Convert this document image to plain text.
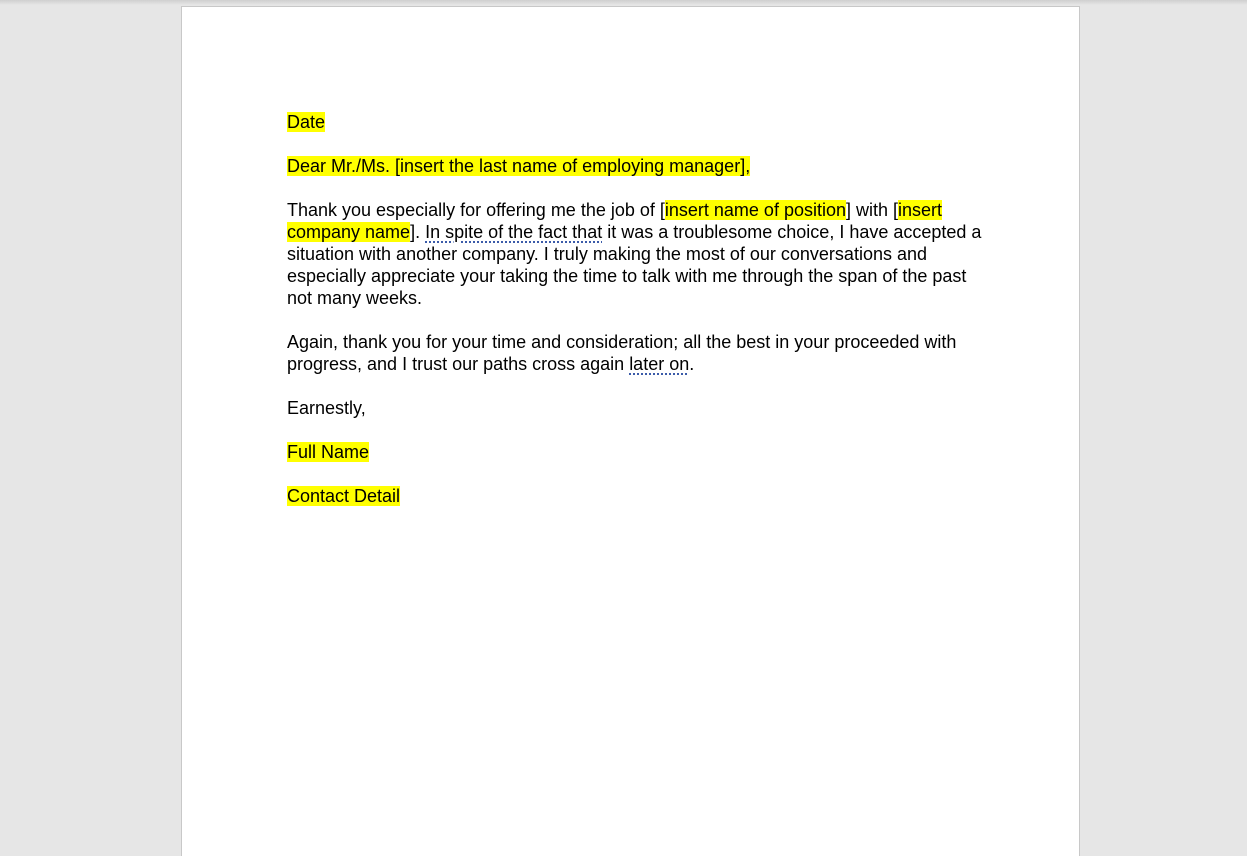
Date

Dear Mr./Ms. [insert the last name of employing manager],

Thank you especially for offering me the job of [insert name of position] with [insert
company name]. In spite of the fact that it was a troublesome choice, I have accepted a
situation with another company. I truly making the most of our conversations and
especially appreciate your taking the time to talk with me through the span of the past
not many weeks.

Again, thank you for your time and consideration; all the best in your proceeded with
progress, and I trust our paths cross again later on.

Earnestly,

Full Name

Contact Detail
